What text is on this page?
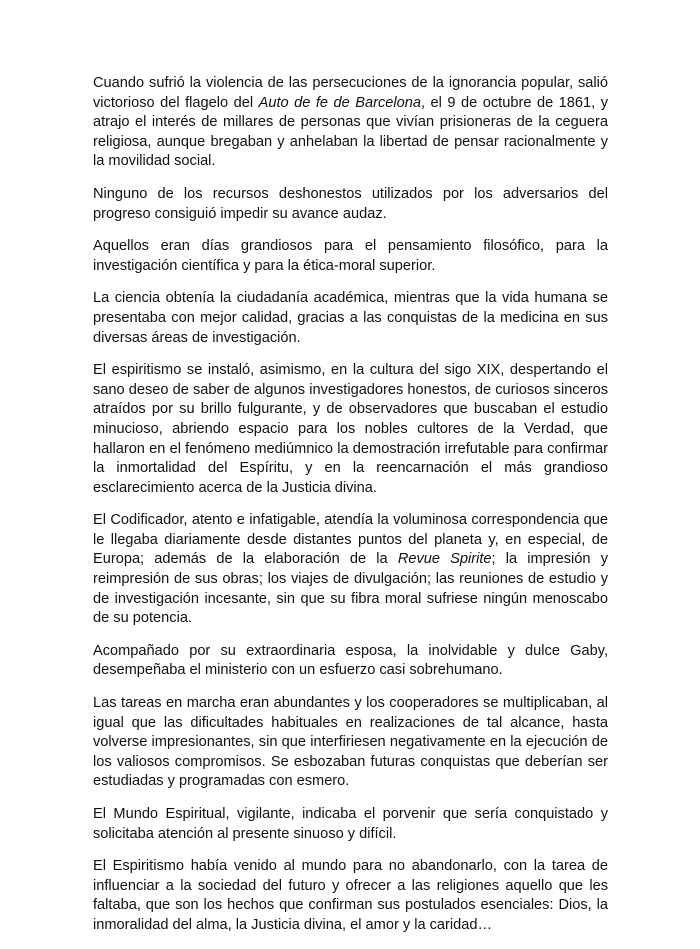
Cuando sufrió la violencia de las persecuciones de la ignorancia popular, salió victorioso del flagelo del Auto de fe de Barcelona, el 9 de octubre de 1861, y atrajo el interés de millares de personas que vivían prisioneras de la ceguera religiosa, aunque bregaban y anhelaban la libertad de pensar racionalmente y la movilidad social.

Ninguno de los recursos deshonestos utilizados por los adversarios del progreso consiguió impedir su avance audaz.

Aquellos eran días grandiosos para el pensamiento filosófico, para la investigación científica y para la ética-moral superior.

La ciencia obtenía la ciudadanía académica, mientras que la vida humana se presentaba con mejor calidad, gracias a las conquistas de la medicina en sus diversas áreas de investigación.

El espiritismo se instaló, asimismo, en la cultura del sigo XIX, despertando el sano deseo de saber de algunos investigadores honestos, de curiosos sinceros atraídos por su brillo fulgurante, y de observadores que buscaban el estudio minucioso, abriendo espacio para los nobles cultores de la Verdad, que hallaron en el fenómeno mediúmnico la demostración irrefutable para confirmar la inmortalidad del Espíritu, y en la reencarnación el más grandioso esclarecimiento acerca de la Justicia divina.

El Codificador, atento e infatigable, atendía la voluminosa correspondencia que le llegaba diariamente desde distantes puntos del planeta y, en especial, de Europa; además de la elaboración de la Revue Spirite; la impresión y reimpresión de sus obras; los viajes de divulgación; las reuniones de estudio y de investigación incesante, sin que su fibra moral sufriese ningún menoscabo de su potencia.

Acompañado por su extraordinaria esposa, la inolvidable y dulce Gaby, desempeñaba el ministerio con un esfuerzo casi sobrehumano.

Las tareas en marcha eran abundantes y los cooperadores se multiplicaban, al igual que las dificultades habituales en realizaciones de tal alcance, hasta volverse impresionantes, sin que interfiriesen negativamente en la ejecución de los valiosos compromisos. Se esbozaban futuras conquistas que deberían ser estudiadas y programadas con esmero.

El Mundo Espiritual, vigilante, indicaba el porvenir que sería conquistado y solicitaba atención al presente sinuoso y difícil.

El Espiritismo había venido al mundo para no abandonarlo, con la tarea de influenciar a la sociedad del futuro y ofrecer a las religiones aquello que les faltaba, que son los hechos que confirman sus postulados esenciales: Dios, la inmoralidad del alma, la Justicia divina, el amor y la caridad…
